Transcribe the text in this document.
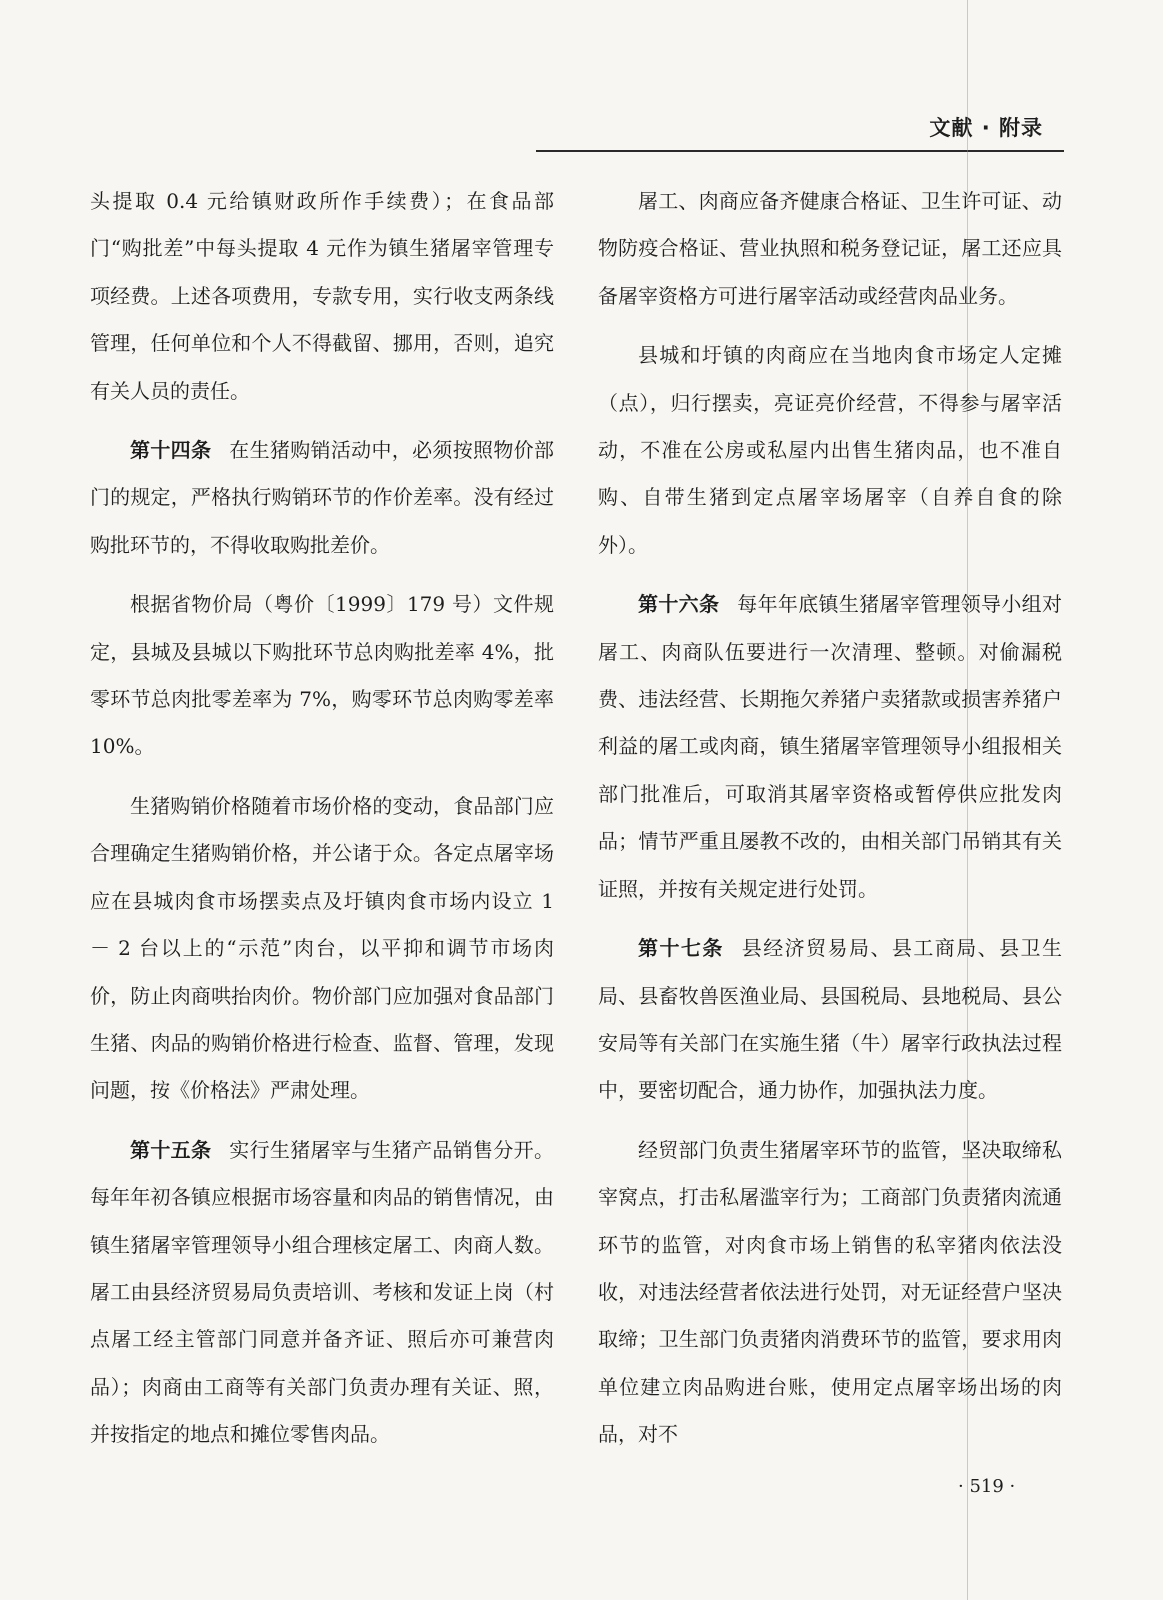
文献 · 附录

头提取 0.4 元给镇财政所作手续费）；在食品部门“购批差”中每头提取 4 元作为镇生猪屠宰管理专项经费。上述各项费用，专款专用，实行收支两条线管理，任何单位和个人不得截留、挪用，否则，追究有关人员的责任。

第十四条 在生猪购销活动中，必须按照物价部门的规定，严格执行购销环节的作价差率。没有经过购批环节的，不得收取购批差价。

根据省物价局（粤价〔1999〕179 号）文件规定，县城及县城以下购批环节总肉购批差率 4%，批零环节总肉批零差率为 7%，购零环节总肉购零差率 10%。

生猪购销价格随着市场价格的变动，食品部门应合理确定生猪购销价格，并公诸于众。各定点屠宰场应在县城肉食市场摆卖点及圩镇肉食市场内设立 1 － 2 台以上的“示范”肉台，以平抑和调节市场肉价，防止肉商哄抬肉价。物价部门应加强对食品部门生猪、肉品的购销价格进行检查、监督、管理，发现问题，按《价格法》严肃处理。

第十五条 实行生猪屠宰与生猪产品销售分开。每年年初各镇应根据市场容量和肉品的销售情况，由镇生猪屠宰管理领导小组合理核定屠工、肉商人数。屠工由县经济贸易局负责培训、考核和发证上岗（村点屠工经主管部门同意并备齐证、照后亦可兼营肉品）；肉商由工商等有关部门负责办理有关证、照，并按指定的地点和摊位零售肉品。

屠工、肉商应备齐健康合格证、卫生许可证、动物防疫合格证、营业执照和税务登记证，屠工还应具备屠宰资格方可进行屠宰活动或经营肉品业务。

县城和圩镇的肉商应在当地肉食市场定人定摊（点），归行摆卖，亮证亮价经营，不得参与屠宰活动，不准在公房或私屋内出售生猪肉品，也不准自购、自带生猪到定点屠宰场屠宰（自养自食的除外）。

第十六条 每年年底镇生猪屠宰管理领导小组对屠工、肉商队伍要进行一次清理、整顿。对偷漏税费、违法经营、长期拖欠养猪户卖猪款或损害养猪户利益的屠工或肉商，镇生猪屠宰管理领导小组报相关部门批准后，可取消其屠宰资格或暂停供应批发肉品；情节严重且屡教不改的，由相关部门吊销其有关证照，并按有关规定进行处罚。

第十七条 县经济贸易局、县工商局、县卫生局、县畜牧兽医渔业局、县国税局、县地税局、县公安局等有关部门在实施生猪（牛）屠宰行政执法过程中，要密切配合，通力协作，加强执法力度。

经贸部门负责生猪屠宰环节的监管，坚决取缔私宰窝点，打击私屠滥宰行为；工商部门负责猪肉流通环节的监管，对肉食市场上销售的私宰猪肉依法没收，对违法经营者依法进行处罚，对无证经营户坚决取缔；卫生部门负责猪肉消费环节的监管，要求用肉单位建立肉品购进台账，使用定点屠宰场出场的肉品，对不

· 519 ·
